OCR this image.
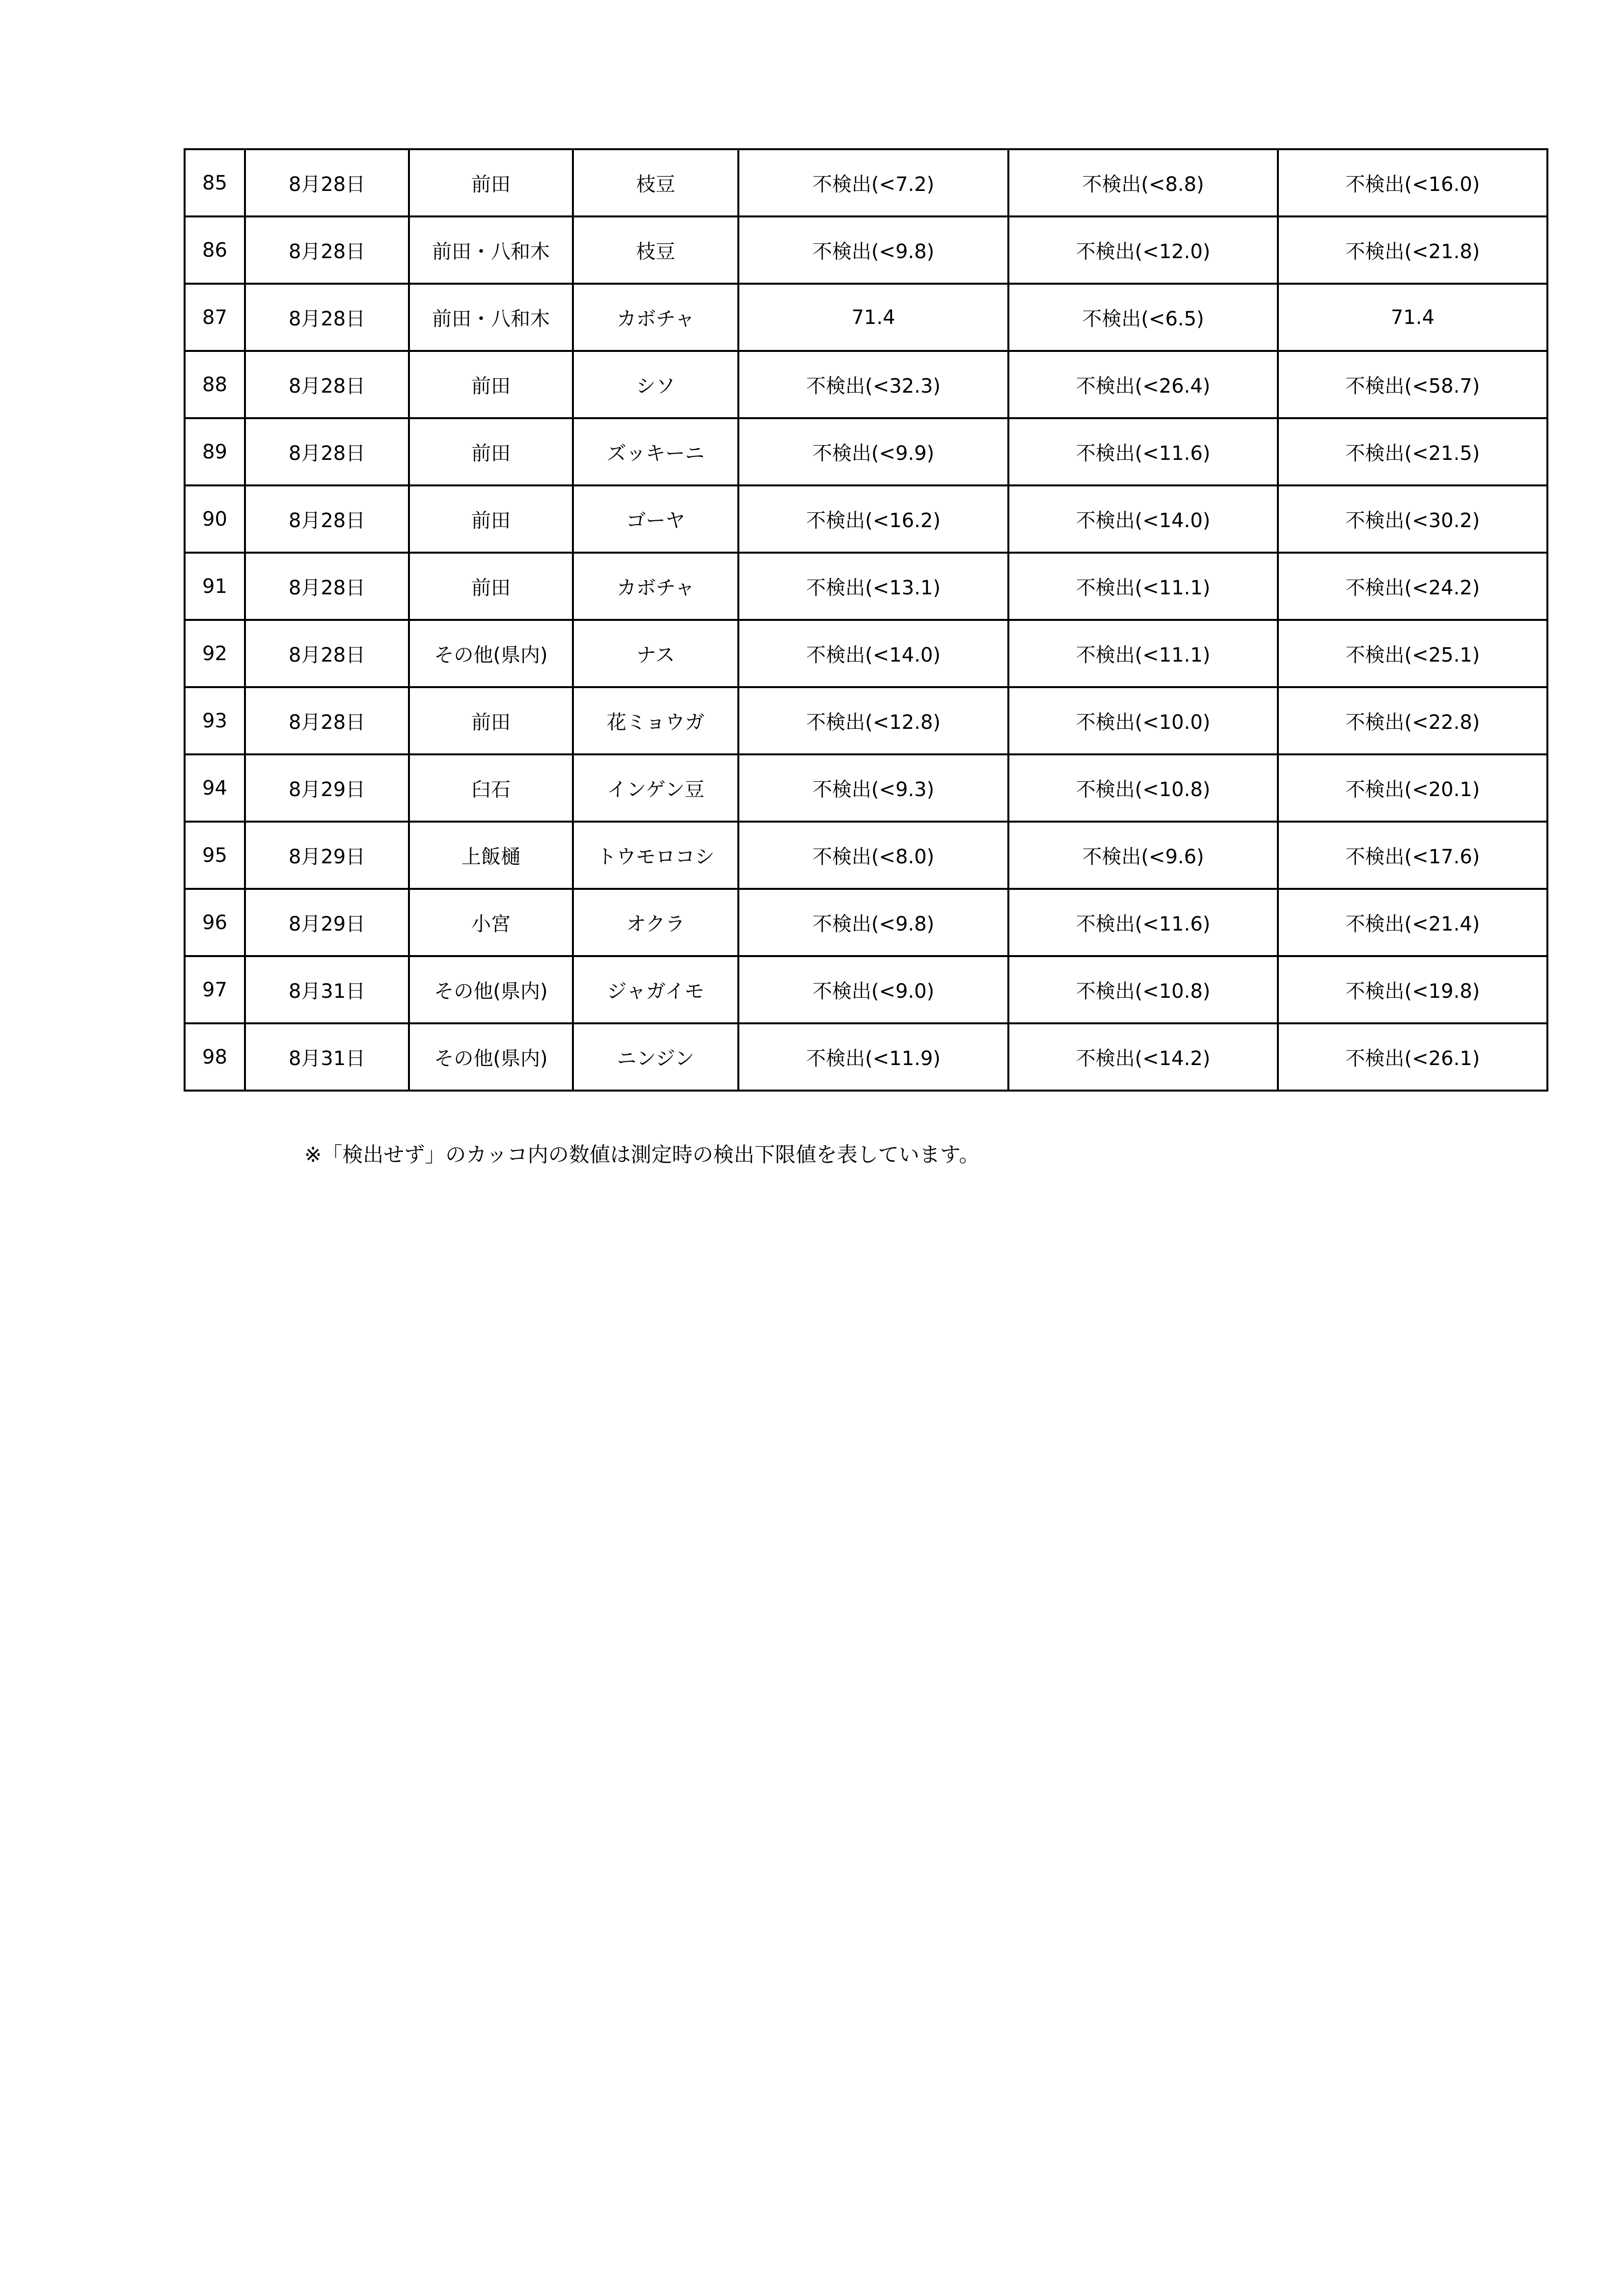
85	8月28日	前田	枝豆	不検出(<7.2)	不検出(<8.8)	不検出(<16.0)
86	8月28日	前田・八和木	枝豆	不検出(<9.8)	不検出(<12.0)	不検出(<21.8)
87	8月28日	前田・八和木	カボチャ	71.4	不検出(<6.5)	71.4
88	8月28日	前田	シソ	不検出(<32.3)	不検出(<26.4)	不検出(<58.7)
89	8月28日	前田	ズッキーニ	不検出(<9.9)	不検出(<11.6)	不検出(<21.5)
90	8月28日	前田	ゴーヤ	不検出(<16.2)	不検出(<14.0)	不検出(<30.2)
91	8月28日	前田	カボチャ	不検出(<13.1)	不検出(<11.1)	不検出(<24.2)
92	8月28日	その他(県内)	ナス	不検出(<14.0)	不検出(<11.1)	不検出(<25.1)
93	8月28日	前田	花ミョウガ	不検出(<12.8)	不検出(<10.0)	不検出(<22.8)
94	8月29日	臼石	インゲン豆	不検出(<9.3)	不検出(<10.8)	不検出(<20.1)
95	8月29日	上飯樋	トウモロコシ	不検出(<8.0)	不検出(<9.6)	不検出(<17.6)
96	8月29日	小宮	オクラ	不検出(<9.8)	不検出(<11.6)	不検出(<21.4)
97	8月31日	その他(県内)	ジャガイモ	不検出(<9.0)	不検出(<10.8)	不検出(<19.8)
98	8月31日	その他(県内)	ニンジン	不検出(<11.9)	不検出(<14.2)	不検出(<26.1)
※「検出せず」のカッコ内の数値は測定時の検出下限値を表しています。
